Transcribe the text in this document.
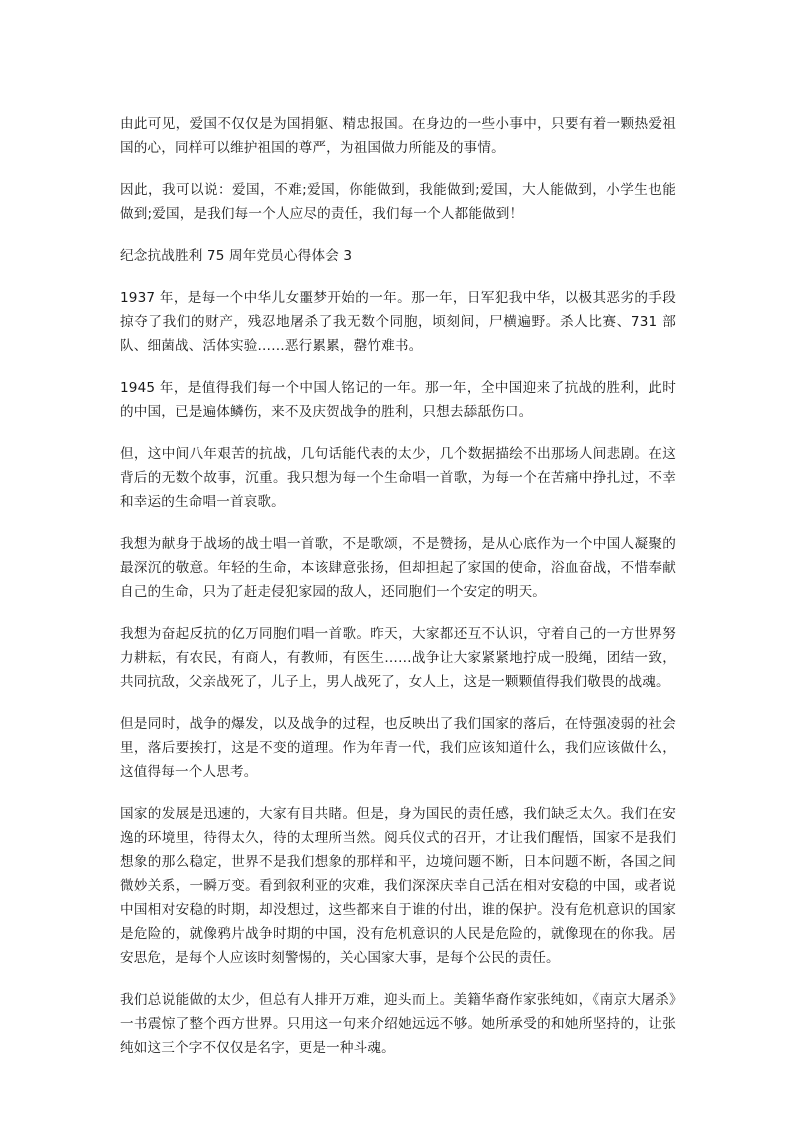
由此可见，爱国不仅仅是为国捐躯、精忠报国。在身边的一些小事中，只要有着一颗热爱祖国的心，同样可以维护祖国的尊严，为祖国做力所能及的事情。

因此，我可以说：爱国，不难;爱国，你能做到，我能做到;爱国，大人能做到，小学生也能做到;爱国，是我们每一个人应尽的责任，我们每一个人都能做到！

纪念抗战胜利 75 周年党员心得体会 3

1937 年，是每一个中华儿女噩梦开始的一年。那一年，日军犯我中华，以极其恶劣的手段掠夺了我们的财产，残忍地屠杀了我无数个同胞，顷刻间，尸横遍野。杀人比赛、731 部队、细菌战、活体实验……恶行累累，罄竹难书。

1945 年，是值得我们每一个中国人铭记的一年。那一年，全中国迎来了抗战的胜利，此时的中国，已是遍体鳞伤，来不及庆贺战争的胜利，只想去舔舐伤口。

但，这中间八年艰苦的抗战，几句话能代表的太少，几个数据描绘不出那场人间悲剧。在这背后的无数个故事，沉重。我只想为每一个生命唱一首歌，为每一个在苦痛中挣扎过，不幸和幸运的生命唱一首哀歌。

我想为献身于战场的战士唱一首歌，不是歌颂，不是赞扬，是从心底作为一个中国人凝聚的最深沉的敬意。年轻的生命，本该肆意张扬，但却担起了家国的使命，浴血奋战，不惜奉献自己的生命，只为了赶走侵犯家园的敌人，还同胞们一个安定的明天。

我想为奋起反抗的亿万同胞们唱一首歌。昨天，大家都还互不认识，守着自己的一方世界努力耕耘，有农民，有商人，有教师，有医生……战争让大家紧紧地拧成一股绳，团结一致，共同抗敌，父亲战死了，儿子上，男人战死了，女人上，这是一颗颗值得我们敬畏的战魂。

但是同时，战争的爆发，以及战争的过程，也反映出了我们国家的落后，在恃强凌弱的社会里，落后要挨打，这是不变的道理。作为年青一代，我们应该知道什么，我们应该做什么，这值得每一个人思考。

国家的发展是迅速的，大家有目共睹。但是，身为国民的责任感，我们缺乏太久。我们在安逸的环境里，待得太久，待的太理所当然。阅兵仪式的召开，才让我们醒悟，国家不是我们想象的那么稳定，世界不是我们想象的那样和平，边境问题不断，日本问题不断，各国之间微妙关系，一瞬万变。看到叙利亚的灾难，我们深深庆幸自己活在相对安稳的中国，或者说中国相对安稳的时期，却没想过，这些都来自于谁的付出，谁的保护。没有危机意识的国家是危险的，就像鸦片战争时期的中国，没有危机意识的人民是危险的，就像现在的你我。居安思危，是每个人应该时刻警惕的，关心国家大事，是每个公民的责任。

我们总说能做的太少，但总有人排开万难，迎头而上。美籍华裔作家张纯如，《南京大屠杀》一书震惊了整个西方世界。只用这一句来介绍她远远不够。她所承受的和她所坚持的，让张纯如这三个字不仅仅是名字，更是一种斗魂。
